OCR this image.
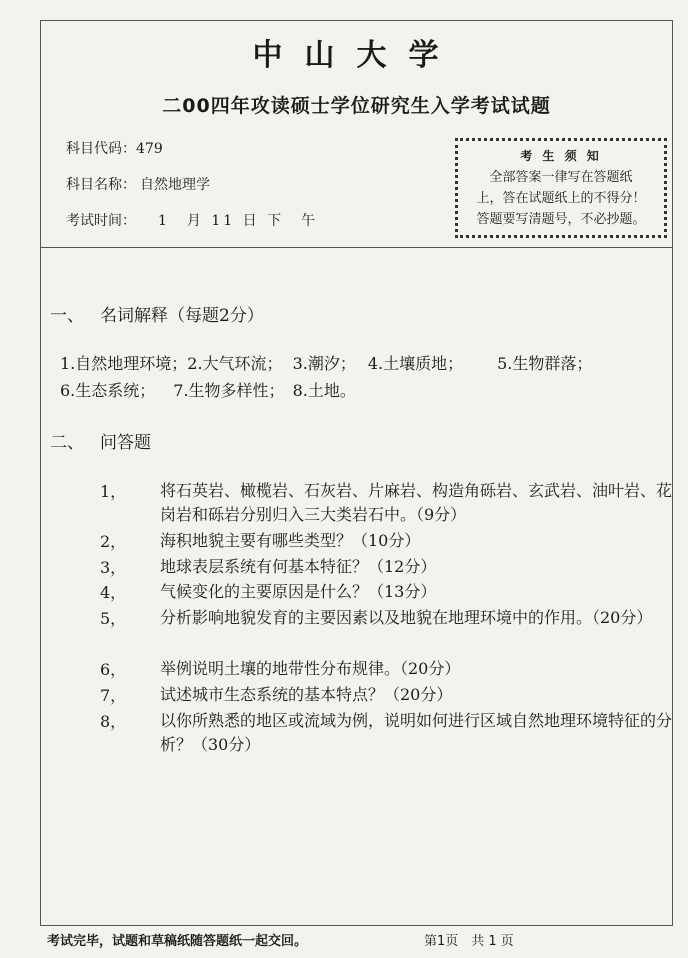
中山大学
二00四年攻读硕士学位研究生入学考试试题
科目代码：479
科目名称： 自然地理学
考试时间： 1　月 11 日 下　午
考 生 须 知
全部答案一律写在答题纸
上，答在试题纸上的不得分！
答题要写清题号，不必抄题。
一、 名词解释（每题2分）
1.自然地理环境；2.大气环流； 3.潮汐； 4.土壤质地； 5.生物群落；
6.生态系统； 7.生物多样性； 8.土地。
二、 问答题
1，	将石英岩、橄榄岩、石灰岩、片麻岩、构造角砾岩、玄武岩、油叶岩、花岗岩和砾岩分别归入三大类岩石中。（9分）
2，	海积地貌主要有哪些类型？（10分）
3，	地球表层系统有何基本特征？（12分）
4，	气候变化的主要原因是什么？（13分）
5，	分析影响地貌发育的主要因素以及地貌在地理环境中的作用。（20分）
6，	举例说明土壤的地带性分布规律。（20分）
7，	试述城市生态系统的基本特点？（20分）
8，	以你所熟悉的地区或流域为例，说明如何进行区域自然地理环境特征的分析？（30分）
考试完毕，试题和草稿纸随答题纸一起交回。	第1页　共 1 页
